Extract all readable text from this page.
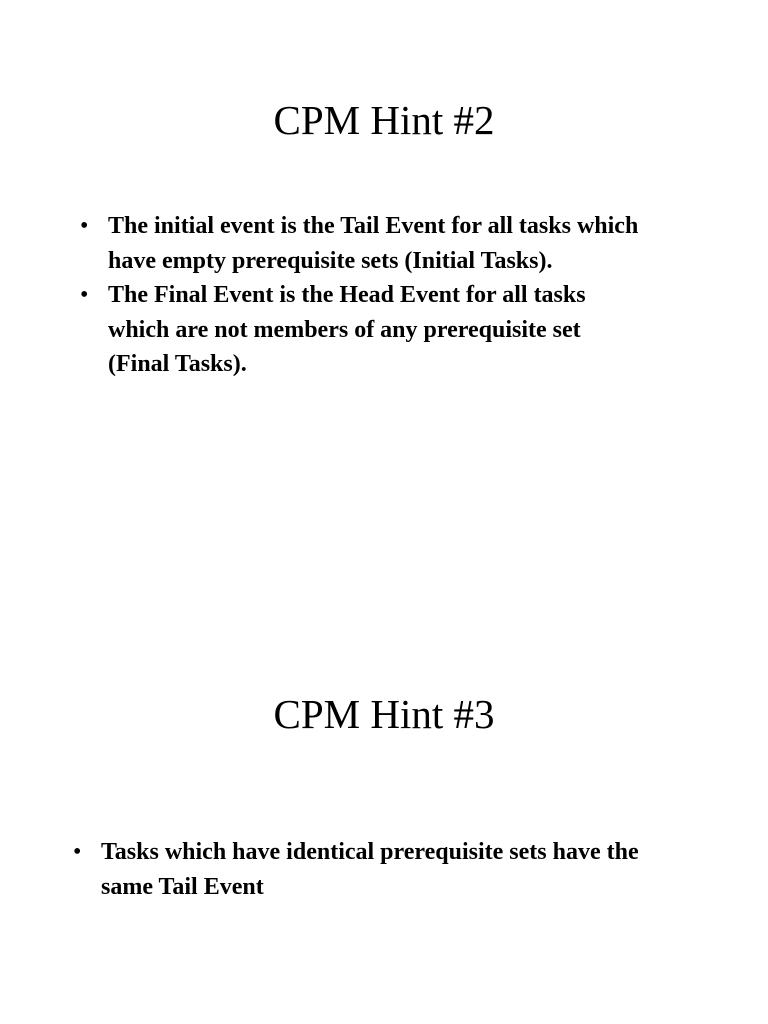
CPM Hint #2
• The initial event is the Tail Event for all tasks which have empty prerequisite sets (Initial Tasks).
• The Final Event is the Head Event for all tasks which are not members of any prerequisite set (Final Tasks).
CPM Hint #3
• Tasks which have identical prerequisite sets have the same Tail Event
